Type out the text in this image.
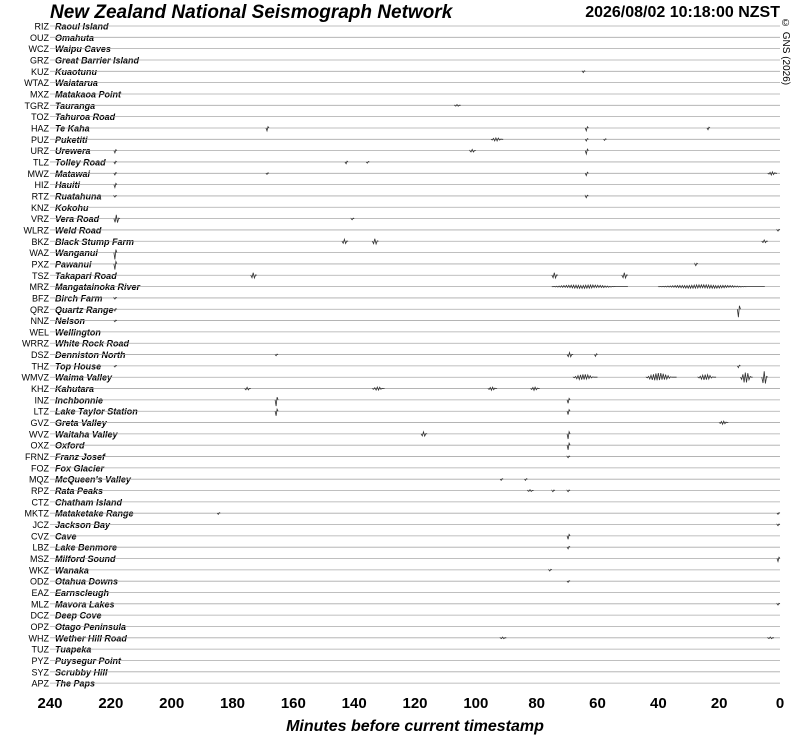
New Zealand National Seismograph Network	2026/08/02 10:18:00 NZST
© GNS (2026)
RIZ Raoul Island
OUZ Omahuta
WCZ Waipu Caves
GRZ Great Barrier Island
KUZ Kuaotunu
WTAZ Waiatarua
MXZ Matakaoa Point
TGRZ Tauranga
TOZ Tahuroa Road
HAZ Te Kaha
PUZ Puketiti
URZ Urewera
TLZ Tolley Road
MWZ Matawai
HIZ Hauiti
RTZ Ruatahuna
KNZ Kokohu
VRZ Vera Road
WLRZ Weld Road
BKZ Black Stump Farm
WAZ Wanganui
PXZ Pawanui
TSZ Takapari Road
MRZ Mangatainoka River
BFZ Birch Farm
QRZ Quartz Range
NNZ Nelson
WEL Wellington
WRRZ White Rock Road
DSZ Denniston North
THZ Top House
WMVZ Waima Valley
KHZ Kahutara
INZ Inchbonnie
LTZ Lake Taylor Station
GVZ Greta Valley
WVZ Waitaha Valley
OXZ Oxford
FRNZ Franz Josef
FOZ Fox Glacier
MQZ McQueen's Valley
RPZ Rata Peaks
CTZ Chatham Island
MKTZ Mataketake Range
JCZ Jackson Bay
CVZ Cave
LBZ Lake Benmore
MSZ Milford Sound
WKZ Wanaka
ODZ Otahua Downs
EAZ Earnscleugh
MLZ Mavora Lakes
DCZ Deep Cove
OPZ Otago Peninsula
WHZ Wether Hill Road
TUZ Tuapeka
PYZ Puysegur Point
SYZ Scrubby Hill
APZ The Paps
240 220 200 180 160 140 120 100	80	60	40	20	0
Minutes before current timestamp
